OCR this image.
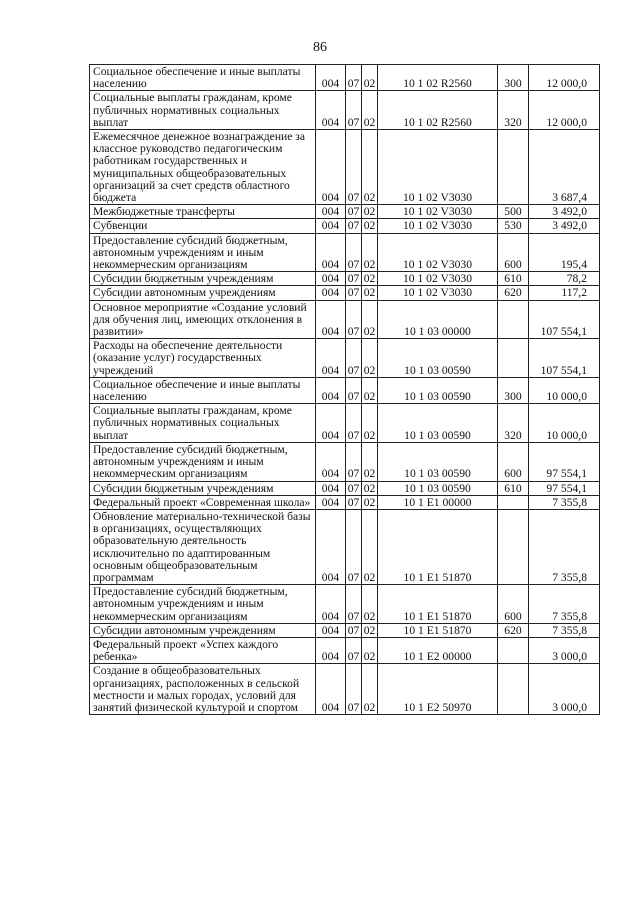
86
Социальное обеспечение и иные выплаты населению	004	07	02	10 1 02 R2560	300	12 000,0
Социальные выплаты гражданам, кроме публичных нормативных социальных выплат	004	07	02	10 1 02 R2560	320	12 000,0
Ежемесячное денежное вознаграждение за классное руководство педагогическим работникам государственных и муниципальных общеобразовательных организаций за счет средств областного бюджета	004	07	02	10 1 02 V3030		3 687,4
Межбюджетные трансферты	004	07	02	10 1 02 V3030	500	3 492,0
Субвенции	004	07	02	10 1 02 V3030	530	3 492,0
Предоставление субсидий бюджетным, автономным учреждениям и иным некоммерческим организациям	004	07	02	10 1 02 V3030	600	195,4
Субсидии бюджетным учреждениям	004	07	02	10 1 02 V3030	610	78,2
Субсидии автономным учреждениям	004	07	02	10 1 02 V3030	620	117,2
Основное мероприятие «Создание условий для обучения лиц, имеющих отклонения в развитии»	004	07	02	10 1 03 00000		107 554,1
Расходы на обеспечение деятельности (оказание услуг) государственных учреждений	004	07	02	10 1 03 00590		107 554,1
Социальное обеспечение и иные выплаты населению	004	07	02	10 1 03 00590	300	10 000,0
Социальные выплаты гражданам, кроме публичных нормативных социальных выплат	004	07	02	10 1 03 00590	320	10 000,0
Предоставление субсидий бюджетным, автономным учреждениям и иным некоммерческим организациям	004	07	02	10 1 03 00590	600	97 554,1
Субсидии бюджетным учреждениям	004	07	02	10 1 03 00590	610	97 554,1
Федеральный проект «Современная школа»	004	07	02	10 1 E1 00000		7 355,8
Обновление материально-технической базы в организациях, осуществляющих образовательную деятельность исключительно по адаптированным основным общеобразовательным программам	004	07	02	10 1 E1 51870		7 355,8
Предоставление субсидий бюджетным, автономным учреждениям и иным некоммерческим организациям	004	07	02	10 1 E1 51870	600	7 355,8
Субсидии автономным учреждениям	004	07	02	10 1 E1 51870	620	7 355,8
Федеральный проект «Успех каждого ребенка»	004	07	02	10 1 E2 00000		3 000,0
Создание в общеобразовательных организациях, расположенных в сельской местности и малых городах, условий для занятий физической культурой и спортом	004	07	02	10 1 E2 50970		3 000,0
